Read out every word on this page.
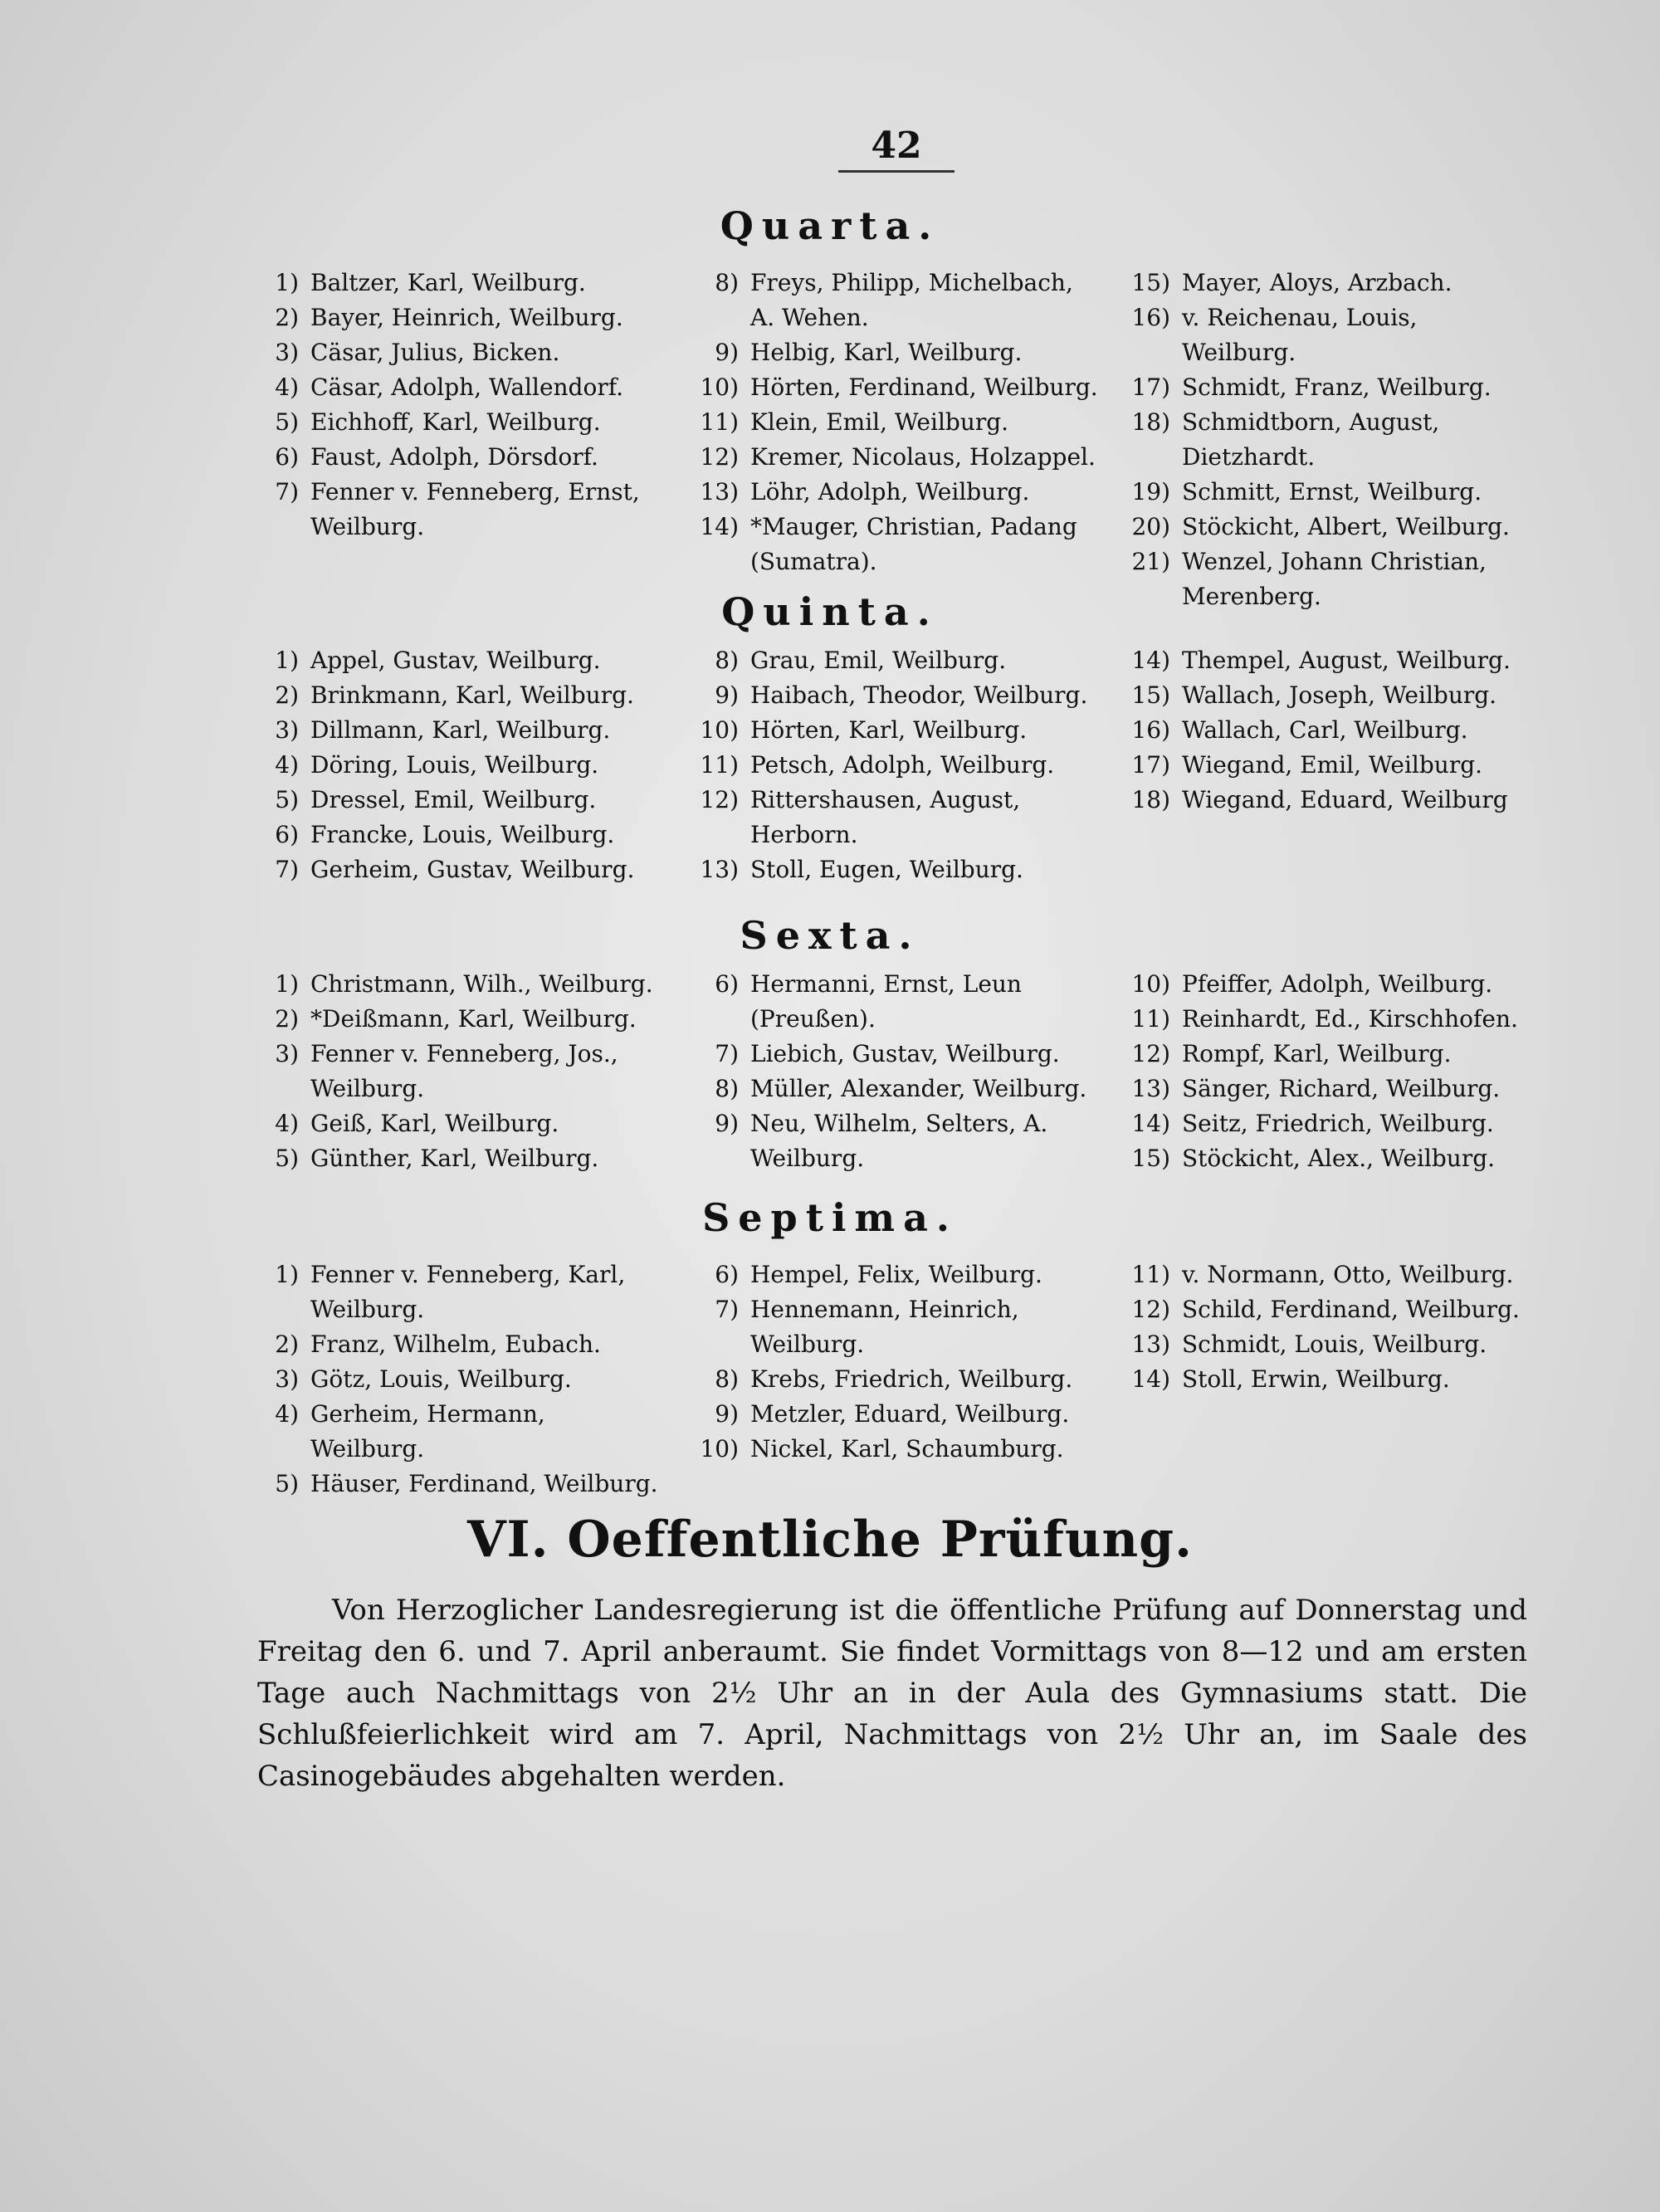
42
Quarta.
1) Baltzer, Karl, Weilburg.
2) Bayer, Heinrich, Weilburg.
3) Cäsar, Julius, Bicken.
4) Cäsar, Adolph, Wallendorf.
5) Eichhoff, Karl, Weilburg.
6) Faust, Adolph, Dörsdorf.
7) Fenner v. Fenneberg, Ernst, Weilburg.
8) Freys, Philipp, Michelbach, A. Wehen.
9) Helbig, Karl, Weilburg.
10) Hörten, Ferdinand, Weilburg.
11) Klein, Emil, Weilburg.
12) Kremer, Nicolaus, Holzappel.
13) Löhr, Adolph, Weilburg.
14) *Mauger, Christian, Padang (Sumatra).
15) Mayer, Aloys, Arzbach.
16) v. Reichenau, Louis, Weilburg.
17) Schmidt, Franz, Weilburg.
18) Schmidtborn, August, Dietzhardt.
19) Schmitt, Ernst, Weilburg.
20) Stöckicht, Albert, Weilburg.
21) Wenzel, Johann Christian, Merenberg.
Quinta.
1) Appel, Gustav, Weilburg.
2) Brinkmann, Karl, Weilburg.
3) Dillmann, Karl, Weilburg.
4) Döring, Louis, Weilburg.
5) Dressel, Emil, Weilburg.
6) Francke, Louis, Weilburg.
7) Gerheim, Gustav, Weilburg.
8) Grau, Emil, Weilburg.
9) Haibach, Theodor, Weilburg.
10) Hörten, Karl, Weilburg.
11) Petsch, Adolph, Weilburg.
12) Rittershausen, August, Herborn.
13) Stoll, Eugen, Weilburg.
14) Thempel, August, Weilburg.
15) Wallach, Joseph, Weilburg.
16) Wallach, Carl, Weilburg.
17) Wiegand, Emil, Weilburg.
18) Wiegand, Eduard, Weilburg
Sexta.
1) Christmann, Wilh., Weilburg.
2) *Deißmann, Karl, Weilburg.
3) Fenner v. Fenneberg, Jos., Weilburg.
4) Geiß, Karl, Weilburg.
5) Günther, Karl, Weilburg.
6) Hermanni, Ernst, Leun (Preußen).
7) Liebich, Gustav, Weilburg.
8) Müller, Alexander, Weilburg.
9) Neu, Wilhelm, Selters, A. Weilburg.
10) Pfeiffer, Adolph, Weilburg.
11) Reinhardt, Ed., Kirschhofen.
12) Rompf, Karl, Weilburg.
13) Sänger, Richard, Weilburg.
14) Seitz, Friedrich, Weilburg.
15) Stöckicht, Alex., Weilburg.
Septima.
1) Fenner v. Fenneberg, Karl, Weilburg.
2) Franz, Wilhelm, Eubach.
3) Götz, Louis, Weilburg.
4) Gerheim, Hermann, Weilburg.
5) Häuser, Ferdinand, Weilburg.
6) Hempel, Felix, Weilburg.
7) Hennemann, Heinrich, Weilburg.
8) Krebs, Friedrich, Weilburg.
9) Metzler, Eduard, Weilburg.
10) Nickel, Karl, Schaumburg.
11) v. Normann, Otto, Weilburg.
12) Schild, Ferdinand, Weilburg.
13) Schmidt, Louis, Weilburg.
14) Stoll, Erwin, Weilburg.
VI. Oeffentliche Prüfung.
Von Herzoglicher Landesregierung ist die öffentliche Prüfung auf Donnerstag und Freitag den 6. und 7. April anberaumt. Sie findet Vormittags von 8—12 und am ersten Tage auch Nachmittags von 2½ Uhr an in der Aula des Gymnasiums statt. Die Schlußfeierlichkeit wird am 7. April, Nachmittags von 2½ Uhr an, im Saale des Casinogebäudes abgehalten werden.
